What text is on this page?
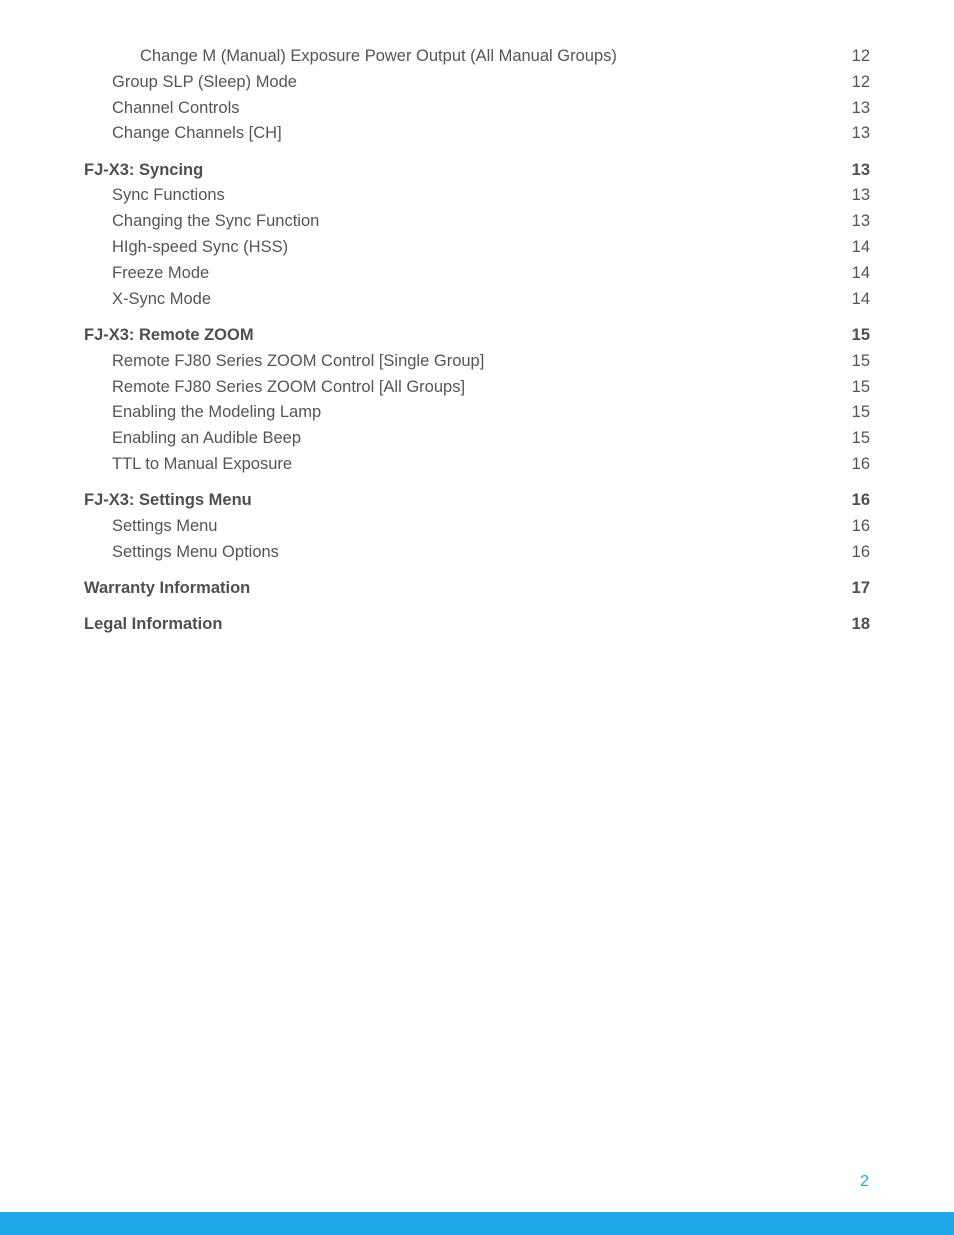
Change M (Manual) Exposure Power Output (All Manual Groups)	12
Group SLP (Sleep) Mode	12
Channel Controls	13
Change Channels [CH]	13
FJ-X3: Syncing	13
Sync Functions	13
Changing the Sync Function	13
HIgh-speed Sync (HSS)	14
Freeze Mode	14
X-Sync Mode	14
FJ-X3: Remote ZOOM	15
Remote FJ80 Series ZOOM Control [Single Group]	15
Remote FJ80 Series ZOOM Control [All Groups]	15
Enabling the Modeling Lamp	15
Enabling an Audible Beep	15
TTL to Manual Exposure	16
FJ-X3: Settings Menu	16
Settings Menu	16
Settings Menu Options	16
Warranty Information	17
Legal Information	18
2
